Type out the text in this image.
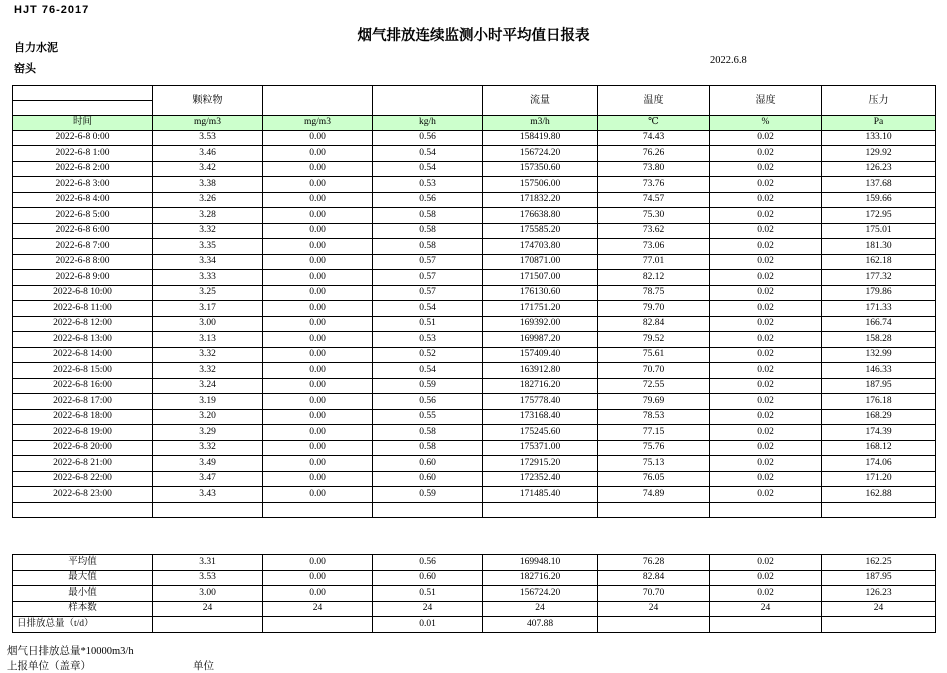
HJT 76-2017
烟气排放连续监测小时平均值日报表
自力水泥
窑头
2022.6.8
	颗粒物			流量	温度	湿度	压力

时间	mg/m3	mg/m3	kg/h	m3/h	℃	%	Pa
2022-6-8 0:00	3.53	0.00	0.56	158419.80	74.43	0.02	133.10
2022-6-8 1:00	3.46	0.00	0.54	156724.20	76.26	0.02	129.92
2022-6-8 2:00	3.42	0.00	0.54	157350.60	73.80	0.02	126.23
2022-6-8 3:00	3.38	0.00	0.53	157506.00	73.76	0.02	137.68
2022-6-8 4:00	3.26	0.00	0.56	171832.20	74.57	0.02	159.66
2022-6-8 5:00	3.28	0.00	0.58	176638.80	75.30	0.02	172.95
2022-6-8 6:00	3.32	0.00	0.58	175585.20	73.62	0.02	175.01
2022-6-8 7:00	3.35	0.00	0.58	174703.80	73.06	0.02	181.30
2022-6-8 8:00	3.34	0.00	0.57	170871.00	77.01	0.02	162.18
2022-6-8 9:00	3.33	0.00	0.57	171507.00	82.12	0.02	177.32
2022-6-8 10:00	3.25	0.00	0.57	176130.60	78.75	0.02	179.86
2022-6-8 11:00	3.17	0.00	0.54	171751.20	79.70	0.02	171.33
2022-6-8 12:00	3.00	0.00	0.51	169392.00	82.84	0.02	166.74
2022-6-8 13:00	3.13	0.00	0.53	169987.20	79.52	0.02	158.28
2022-6-8 14:00	3.32	0.00	0.52	157409.40	75.61	0.02	132.99
2022-6-8 15:00	3.32	0.00	0.54	163912.80	70.70	0.02	146.33
2022-6-8 16:00	3.24	0.00	0.59	182716.20	72.55	0.02	187.95
2022-6-8 17:00	3.19	0.00	0.56	175778.40	79.69	0.02	176.18
2022-6-8 18:00	3.20	0.00	0.55	173168.40	78.53	0.02	168.29
2022-6-8 19:00	3.29	0.00	0.58	175245.60	77.15	0.02	174.39
2022-6-8 20:00	3.32	0.00	0.58	175371.00	75.76	0.02	168.12
2022-6-8 21:00	3.49	0.00	0.60	172915.20	75.13	0.02	174.06
2022-6-8 22:00	3.47	0.00	0.60	172352.40	76.05	0.02	171.20
2022-6-8 23:00	3.43	0.00	0.59	171485.40	74.89	0.02	162.88

平均值	3.31	0.00	0.56	169948.10	76.28	0.02	162.25
最大值	3.53	0.00	0.60	182716.20	82.84	0.02	187.95
最小值	3.00	0.00	0.51	156724.20	70.70	0.02	126.23
样本数	24	24	24	24	24	24	24
日排放总量（t/d）			0.01	407.88			
烟气日排放总量*10000m3/h
上报单位（盖章）	单位
